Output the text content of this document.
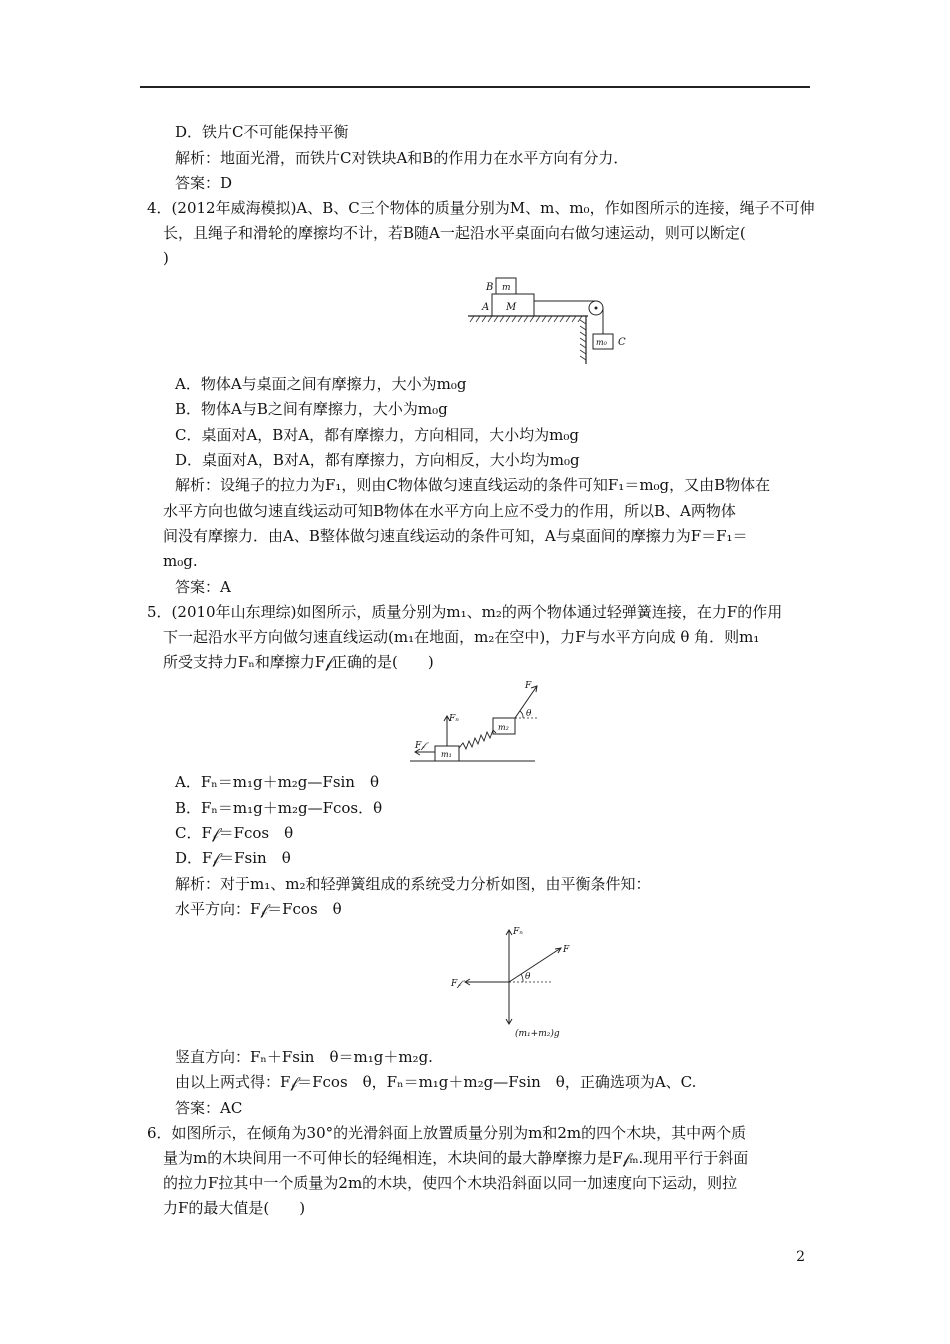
D．铁片C不可能保持平衡
解析：地面光滑，而铁片C对铁块A和B的作用力在水平方向有分力．
答案：D
4．(2012年威海模拟)A、B、C三个物体的质量分别为M、m、m₀，作如图所示的连接，绳子不可伸
长，且绳子和滑轮的摩擦均不计，若B随A一起沿水平桌面向右做匀速运动，则可以断定(
)
B m
A M
m₀ C
A．物体A与桌面之间有摩擦力，大小为m₀g
B．物体A与B之间有摩擦力，大小为m₀g
C．桌面对A，B对A，都有摩擦力，方向相同，大小均为m₀g
D．桌面对A，B对A，都有摩擦力，方向相反，大小均为m₀g
解析：设绳子的拉力为F₁，则由C物体做匀速直线运动的条件可知F₁＝m₀g，又由B物体在
水平方向也做匀速直线运动可知B物体在水平方向上应不受力的作用，所以B、A两物体
间没有摩擦力．由A、B整体做匀速直线运动的条件可知，A与桌面间的摩擦力为F＝F₁＝
m₀g.
答案：A
5．(2010年山东理综)如图所示，质量分别为m₁、m₂的两个物体通过轻弹簧连接，在力F的作用
下一起沿水平方向做匀速直线运动(m₁在地面，m₂在空中)，力F与水平方向成 θ 角．则m₁
所受支持力Fₙ和摩擦力F𝒻正确的是(　　)
m₁
Fₙ
F𝒻
m₂
F
θ
A．Fₙ＝m₁g＋m₂g—Fsin　θ
B．Fₙ＝m₁g＋m₂g—Fcos．θ
C．F𝒻＝Fcos　θ
D．F𝒻＝Fsin　θ
解析：对于m₁、m₂和轻弹簧组成的系统受力分析如图，由平衡条件知：
水平方向：F𝒻＝Fcos　θ
Fₙ
(m₁+m₂)g
F𝒻
F
θ
竖直方向：Fₙ＋Fsin　θ＝m₁g＋m₂g.
由以上两式得：F𝒻＝Fcos　θ，Fₙ＝m₁g＋m₂g—Fsin　θ，正确选项为A、C.
答案：AC
6．如图所示，在倾角为30°的光滑斜面上放置质量分别为m和2m的四个木块，其中两个质
量为m的木块间用一不可伸长的轻绳相连，木块间的最大静摩擦力是F𝒻ₘ.现用平行于斜面
的拉力F拉其中一个质量为2m的木块，使四个木块沿斜面以同一加速度向下运动，则拉
力F的最大值是(　　)
2
